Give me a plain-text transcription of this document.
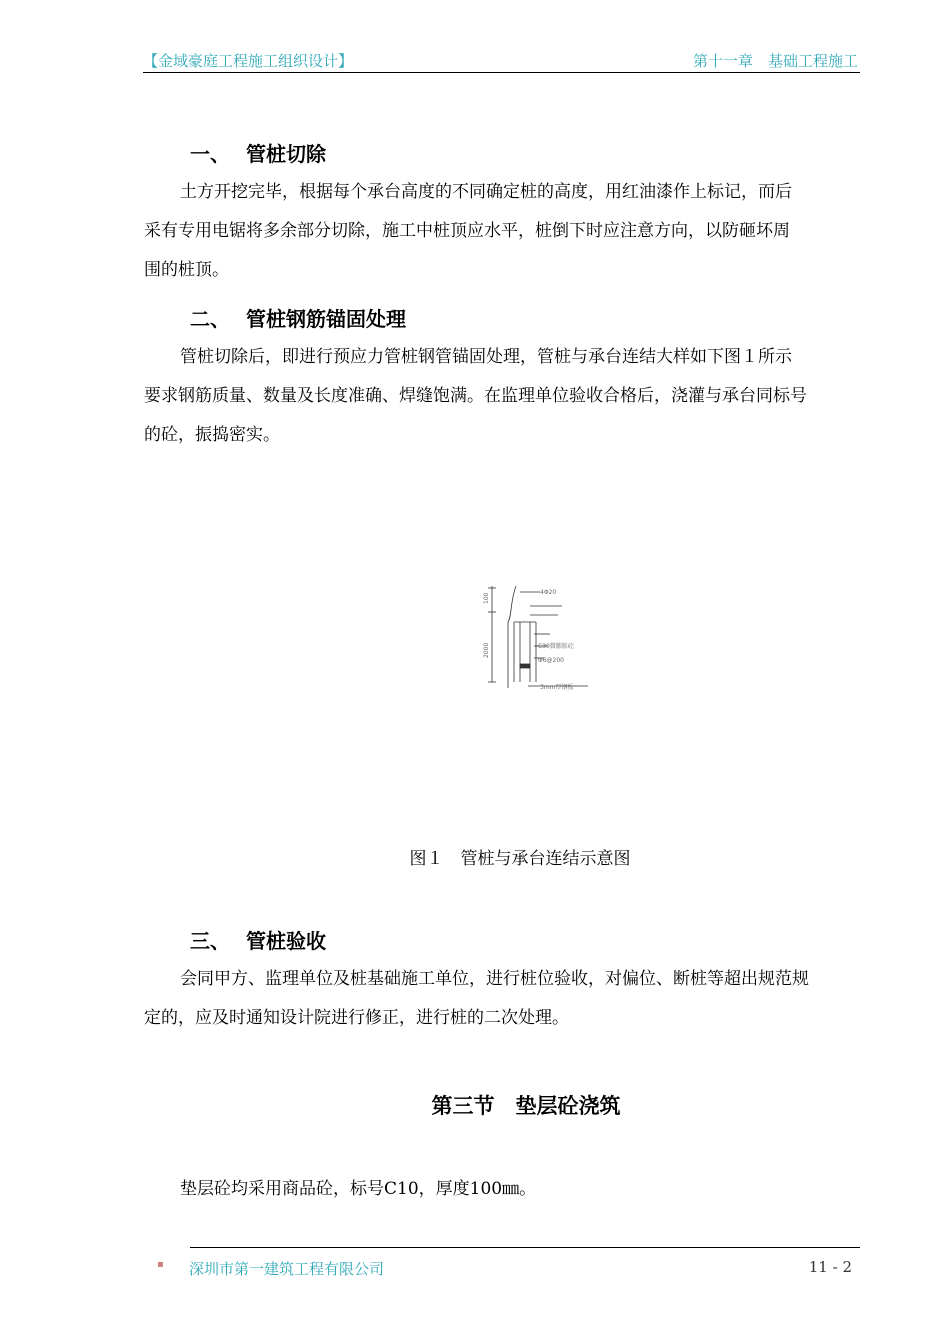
【金域豪庭工程施工组织设计】	第十一章　基础工程施工
一、 管桩切除
土方开挖完毕，根据每个承台高度的不同确定桩的高度，用红油漆作上标记，而后
采有专用电锯将多余部分切除，施工中桩顶应水平，桩倒下时应注意方向，以防砸坏周
围的桩顶。
二、 管桩钢筋锚固处理
管桩切除后，即进行预应力管桩钢管锚固处理，管桩与承台连结大样如下图１所示
要求钢筋质量、数量及长度准确、焊缝饱满。在监理单位验收合格后，浇灌与承台同标号
的砼，振捣密实。
100
2000
4Φ20
C30微膨胀砼
Φ6@200
3mm厚钢板
图１　管桩与承台连结示意图
三、 管桩验收
会同甲方、监理单位及桩基础施工单位，进行桩位验收，对偏位、断桩等超出规范规
定的，应及时通知设计院进行修正，进行桩的二次处理。
第三节　垫层砼浇筑
垫层砼均采用商品砼，标号C10，厚度100㎜。
▪ 深圳市第一建筑工程有限公司	11 - 2
